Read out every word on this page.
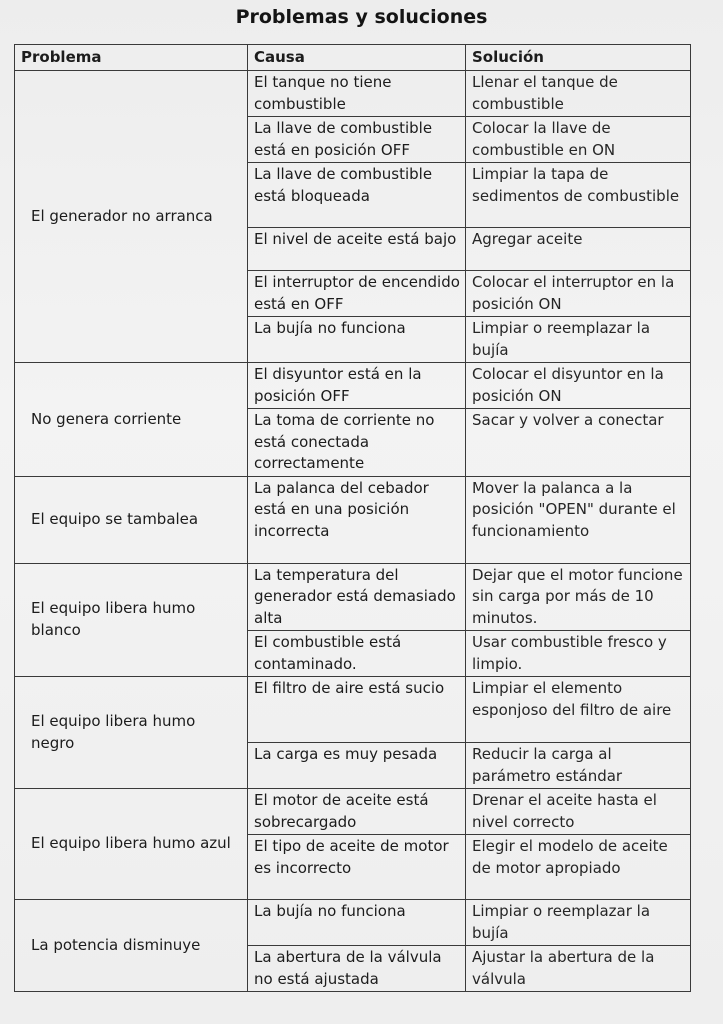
Problemas y soluciones
Problema	Causa	Solución
El generador no arranca	El tanque no tiene combustible	Llenar el tanque de combustible
	La llave de combustible está en posición OFF	Colocar la llave de combustible en ON
	La llave de combustible está bloqueada	Limpiar la tapa de sedimentos de combustible
	El nivel de aceite está bajo	Agregar aceite
	El interruptor de encendido está en OFF	Colocar el interruptor en la posición ON
	La bujía no funciona	Limpiar o reemplazar la bujía
No genera corriente	El disyuntor está en la posición OFF	Colocar el disyuntor en la posición ON
	La toma de corriente no está conectada correctamente	Sacar y volver a conectar
El equipo se tambalea	La palanca del cebador está en una posición incorrecta	Mover la palanca a la posición "OPEN" durante el funcionamiento
El equipo libera humo blanco	La temperatura del generador está demasiado alta	Dejar que el motor funcione sin carga por más de 10 minutos.
	El combustible está contaminado.	Usar combustible fresco y limpio.
El equipo libera humo negro	El filtro de aire está sucio	Limpiar el elemento esponjoso del filtro de aire
	La carga es muy pesada	Reducir la carga al parámetro estándar
El equipo libera humo azul	El motor de aceite está sobrecargado	Drenar el aceite hasta el nivel correcto
	El tipo de aceite de motor es incorrecto	Elegir el modelo de aceite de motor apropiado
La potencia disminuye	La bujía no funciona	Limpiar o reemplazar la bujía
	La abertura de la válvula no está ajustada	Ajustar la abertura de la válvula
